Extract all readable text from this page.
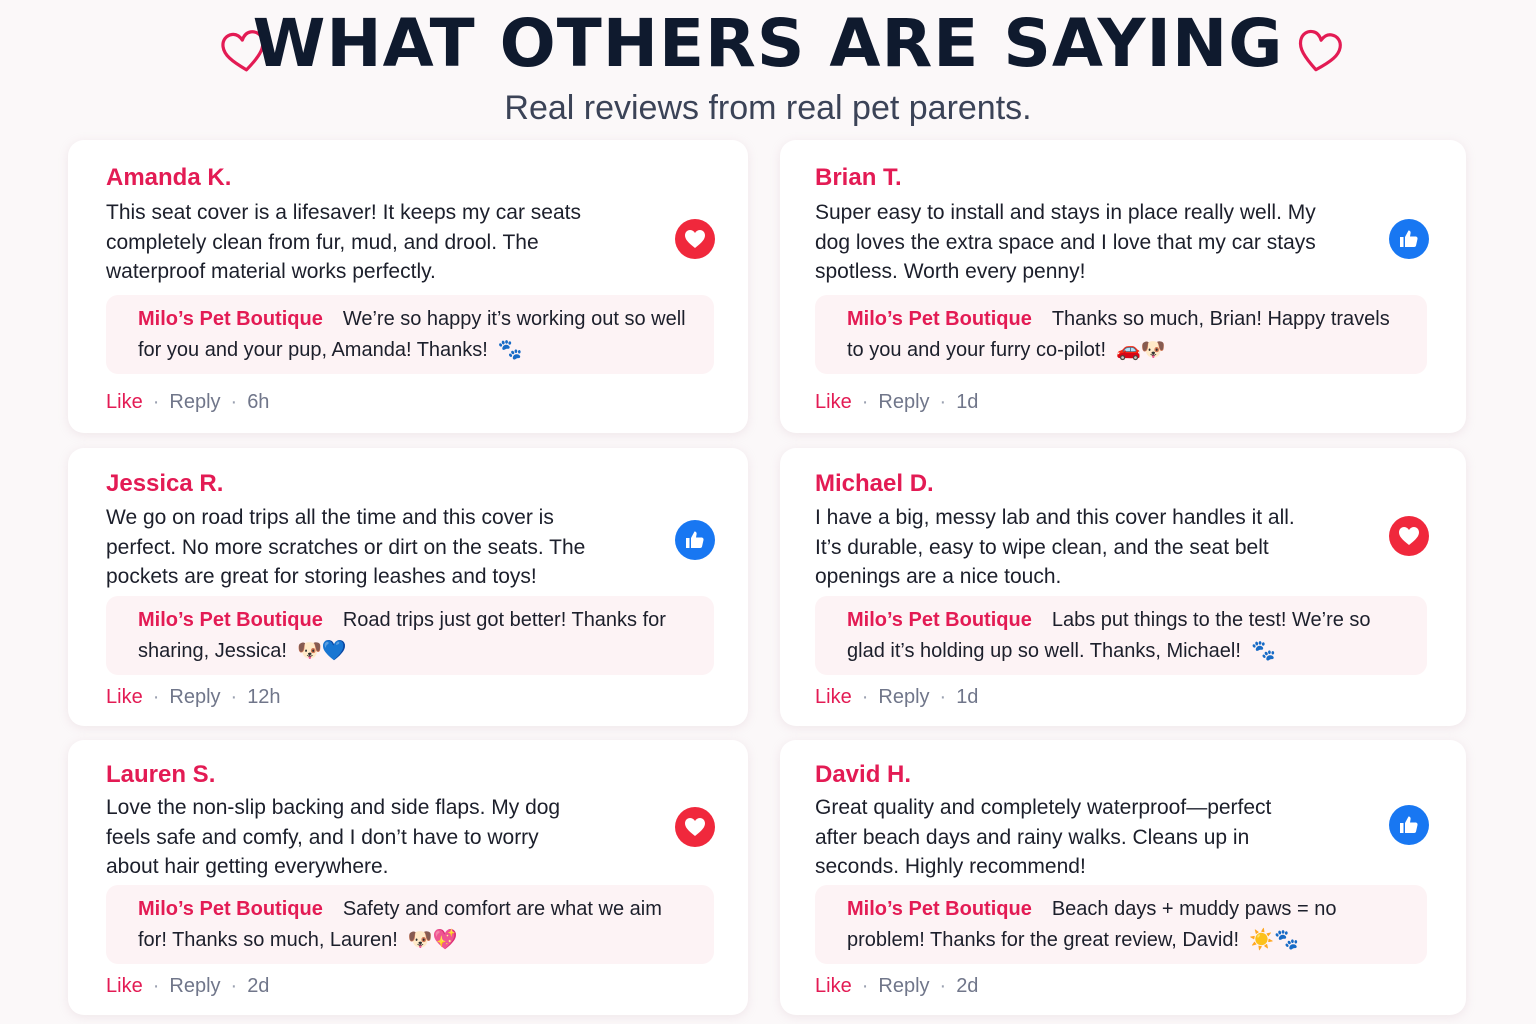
WHAT OTHERS ARE SAYING

Real reviews from real pet parents.

Amanda K.
This seat cover is a lifesaver! It keeps my car seats completely clean from fur, mud, and drool. The waterproof material works perfectly.
Milo’s Pet Boutique We’re so happy it’s working out so well for you and your pup, Amanda! Thanks! 🐾
Like · Reply · 6h
Brian T.
Super easy to install and stays in place really well. My dog loves the extra space and I love that my car stays spotless. Worth every penny!
Milo’s Pet Boutique Thanks so much, Brian! Happy travels to you and your furry co-pilot! 🚗🐶
Like · Reply · 1d
Jessica R.
We go on road trips all the time and this cover is perfect. No more scratches or dirt on the seats. The pockets are great for storing leashes and toys!
Milo’s Pet Boutique Road trips just got better! Thanks for sharing, Jessica! 🐶💙
Like · Reply · 12h
Michael D.
I have a big, messy lab and this cover handles it all. It’s durable, easy to wipe clean, and the seat belt openings are a nice touch.
Milo’s Pet Boutique Labs put things to the test! We’re so glad it’s holding up so well. Thanks, Michael! 🐾
Like · Reply · 1d
Lauren S.
Love the non-slip backing and side flaps. My dog feels safe and comfy, and I don’t have to worry about hair getting everywhere.
Milo’s Pet Boutique Safety and comfort are what we aim for! Thanks so much, Lauren! 🐶💖
Like · Reply · 2d
David H.
Great quality and completely waterproof—perfect after beach days and rainy walks. Cleans up in seconds. Highly recommend!
Milo’s Pet Boutique Beach days + muddy paws = no problem! Thanks for the great review, David! ☀️🐾
Like · Reply · 2d
